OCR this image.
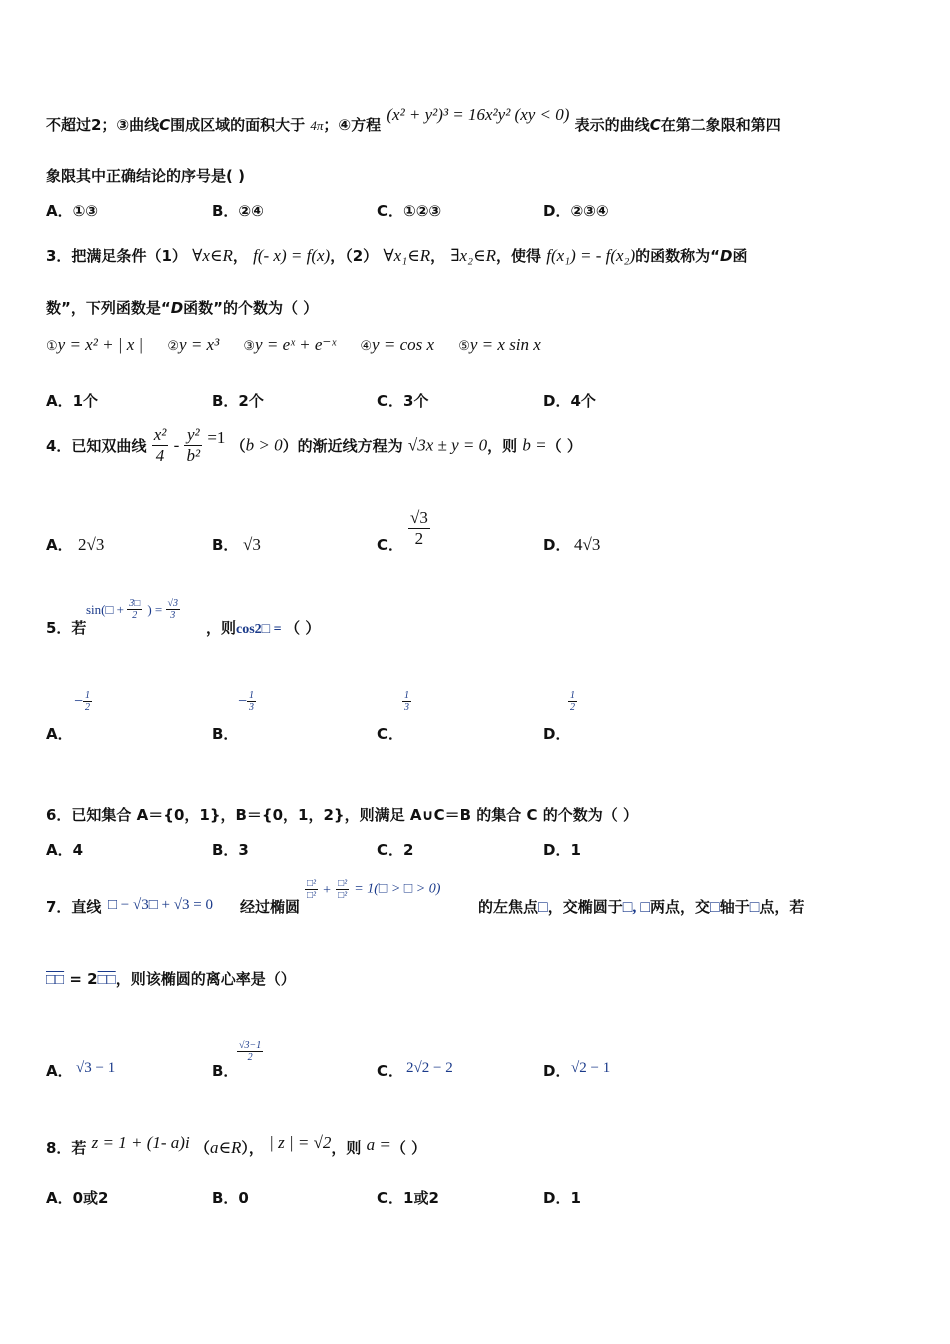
不超过2；③曲线C围成区域的面积大于 4π；④方程 (x² + y²)³ = 16x²y² (xy < 0) 表示的曲线C在第二象限和第四
象限其中正确结论的序号是( )
A．①③	B．②④	C．①②③	D．②③④
3．把满足条件（1） ∀x∈R， f(- x) = f(x)，（2） ∀x₁∈R， ∃x₂∈R，使得 f(x₁) = - f(x₂)的函数称为“D函
数”，下列函数是“D函数”的个数为（ ）
①y = x² + | x | ②y = x³ ③y = eˣ + e⁻ˣ ④y = cos x ⑤y = x sin x
A．1个	B．2个	C．3个	D．4个
4．已知双曲线 $\frac{\text{x²}}{4} - \frac{\text{y²}}{\text{b²}} =1$ （b > 0）的渐近线方程为 √3x ± y = 0，则 b =（ ）
A． 2√3	B． √3	C． $\frac{√3}{2}$	D． 4√3
5．若
sin(□ + $\frac{3□}{2}$ ) = $\frac{√3}{3}$
，则cos2□ = （ ）
A．
− $\frac{1}{2}$
B．
− $\frac{1}{3}$
C．
$\frac{1}{3}$
D．
$\frac{1}{2}$
6．已知集合 A＝{0，1}，B＝{0，1，2}，则满足 A∪C＝B 的集合 C 的个数为（ ）
A．4	B．3	C．2	D．1
7．直线 □ − √3□ + √3 = 0 经过椭圆
$\frac{\text{□²}}{\text{□²}} + \frac{\text{□²}}{\text{□²}}$ = 1(□ > □ > 0)
的左焦点□，交椭圆于□, □两点，交□轴于□点，若
□□ = 2□□，则该椭圆的离心率是（）
A． √3 − 1	B．
$\frac{√3-1}{2}$
C． 2√2 − 2	D． √2 − 1
8．若 z = 1 + (1- a)i （a∈R）， | z | = √2，则 a =（ ）
A．0或2	B．0	C．1或2	D．1
